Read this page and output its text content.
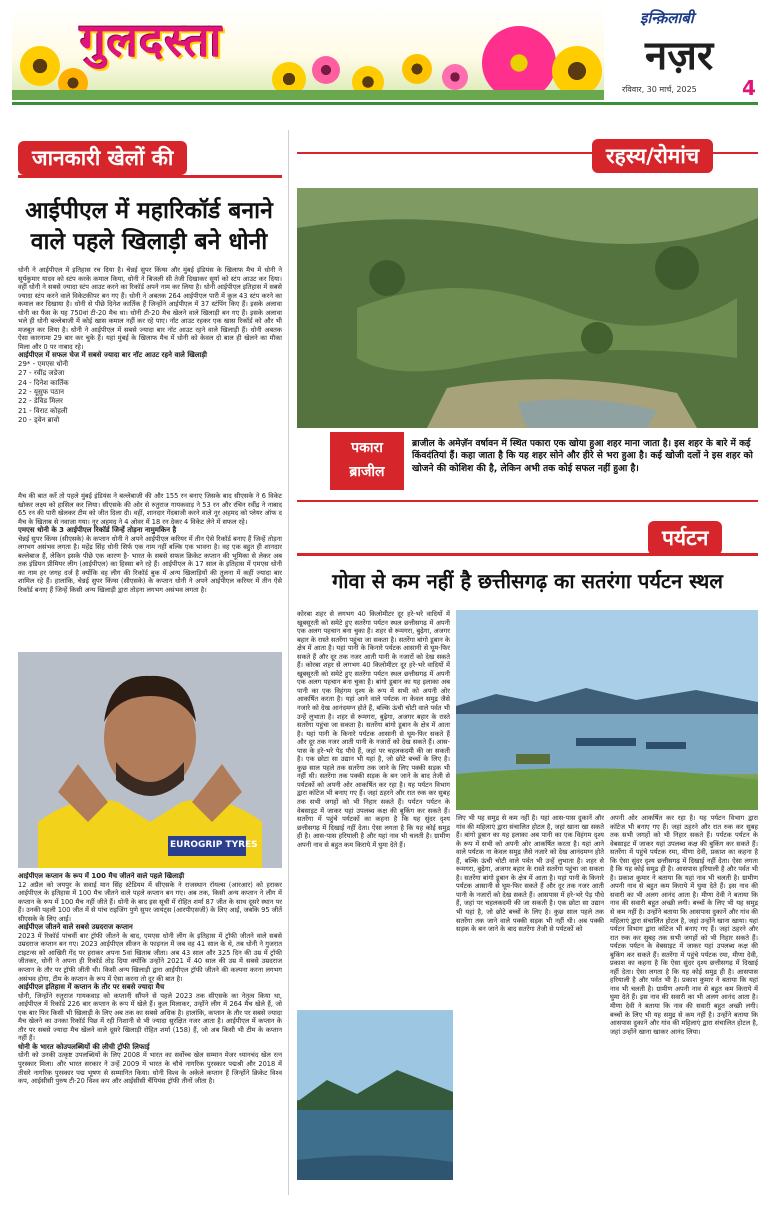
गुलदस्ता	इन्क़िलाबी
नज़र
रविवार, 30 मार्च, 2025 4
जानकारी खेलों की
आईपीएल में महारिकॉर्ड बनाने वाले पहले खिलाड़ी बने धोनी
धोनी ने आईपीएल में इतिहास रच दिया है। चेन्नई सुपर किंग्स और मुंबई इंडियंस के खिलाफ मैच में धोनी ने सूर्यकुमार यादव को स्टंप करके कमाल किया, धोनी ने बिजली सी तेजी दिखाकर सूर्या को स्टंप आउट कर दिया। वहीं धोनी ने सबसे ज्यादा स्टंप आउट करने का रिकॉर्ड अपने नाम कर लिया है। धोनी आईपीएल इतिहास में सबसे ज्यादा स्टंप करने वाले विकेटकीपर बन गए हैं। धोनी ने अबतक 264 आईपीएल पारी में कुल 43 स्टंप करने का कमाल कर दिखाया है। धोनी से पीछे दिनेश कार्तिक हैं जिन्होंने आईपीएल में 37 स्टंपिंग किए हैं। इसके अलावा धोनी का फैंस के यह 750वां टी-20 मैच था। धोनी टी-20 मैच खेलने वाले खिलाड़ी बन गए हैं। इसके अलावा भले ही धोनी बल्लेबाजी में कोई खास कमाल नहीं कर रहे पाए। नॉट आउट रहकर एक खास रिकॉर्ड को और भी मजबूत कर लिया है। धोनी ने आईपीएल में सबसे ज्यादा बार नॉट आउट रहने वाले खिलाड़ी हैं। धोनी अबतक ऐसा कारनामा 29 बार कर चुके हैं। यहां मुंबई के खिलाफ मैच में धोनी को केवल दो बाल ही खेलने का मौका मिला और 0 पर नाबाद रहे।
आईपीएल में सफल चेज में सबसे ज्यादा बार नॉट आउट रहने वाले खिलाड़ी
29* - एमएस धोनी
27 - रवींद्र जडेजा
24 - दिनेश कार्तिक
22 - यूसुफ पठान
22 - डेविड मिलर
21 - विराट कोहली
20 - ड्वेन ब्रावो
मैच की बात करें तो पहले मुंबई इंडियंस ने बल्लेबाजी की और 155 रन बनाए जिसके बाद सीएसके ने 6 विकेट खोकर लक्ष्य को हासिल कर लिया। सीएसके की ओर से रुतुराज गायकवाड़ ने 53 रन और रचिन रवींद्र ने नाबाद 65 रन की पारी खेलकर टीम को जीत दिला दी। वहीं, शानदार गेंदबाजी करने वाले नूर अहमद को प्लेयर ऑफ द मैच के खिताब से नवाजा गया। नूर अहमद ने 4 ओवर में 18 रन देकर 4 विकेट लेने में सफल रहे।
एमएस धोनी के 3 आईपीएल रिकॉर्ड जिन्हें तोड़ना नामुमकिन है
चेन्नई सुपर किंग्स (सीएसके) के कप्तान धोनी ने अपने आईपीएल करियर में तीन ऐसे रिकॉर्ड बनाए हैं जिन्हें तोड़ना लगभग असंभव लगता है। महेंद्र सिंह धोनी सिर्फ एक नाम नहीं बल्कि एक भावना है। वह एक बहुत ही शानदार बल्लेबाज हैं, लेकिन इसके पीछे एक कारण है- भारत के सबसे सफल क्रिकेट कप्तान की भूमिका से लेकर अब तक इंडियन प्रीमियर लीग (आईपीएल) का हिस्सा बने रहे हैं। आईपीएल के 17 साल के इतिहास में एमएस धोनी का नाम हर जगह दर्ज है क्योंकि वह लीग की रिकॉर्ड बुक में अन्य खिलाड़ियों की तुलना में कहीं ज्यादा बार शामिल रहे हैं। हालांकि, चेन्नई सुपर किंग्स (सीएसके) के कप्तान धोनी ने अपने आईपीएल करियर में तीन ऐसे रिकॉर्ड बनाए हैं जिन्हें किसी अन्य खिलाड़ी द्वारा तोड़ना लगभग असंभव लगता है।
EUROGRIP TYRES
आईपीएल कप्तान के रूप में 100 मैच जीतने वाले पहले खिलाड़ी
12 अप्रैल को जयपुर के सवाई मान सिंह स्टेडियम में सीएसके ने राजस्थान रॉयल्स (आरआर) को हराकर आईपीएल के इतिहास में 100 मैच जीतने वाले पहले कप्तान बन गए। अब तक, किसी अन्य कप्तान ने लीग में कप्तान के रूप में 100 मैच नहीं जीते हैं। धोनी के बाद इस सूची में रोहित शर्मा 87 जीत के साथ दूसरे स्थान पर हैं। उनकी पहली 100 जीत में से पांच राइजिंग पुणे सुपर जायंट्स (आरपीएसजी) के लिए आईं, जबकि 95 जीतें सीएसके के लिए आईं।
आईपीएल जीतने वाले सबसे उम्रदराज कप्तान
2023 में रिकॉर्ड पांचवीं बार ट्रॉफी जीतने के बाद, एमएस धोनी लीग के इतिहास में ट्रॉफी जीतने वाले सबसे उम्रदराज कप्तान बन गए। 2023 आईपीएल सीजन के फाइनल में जब वह 41 साल के थे, तब धोनी ने गुजरात टाइटन्स को आखिरी गेंद पर हराकर अपना 5वां खिताब जीता। अब 43 साल और 325 दिन की उम्र में ट्रॉफी जीतकर, धोनी ने अपना ही रिकॉर्ड तोड़ दिया क्योंकि उन्होंने 2021 में 40 साल की उम्र में सबसे उम्रदराज कप्तान के तौर पर ट्रॉफी जीती थी। किसी अन्य खिलाड़ी द्वारा आईपीएल ट्रॉफी जीतने की कल्पना करना लगभग असंभव होगा, टीम के कप्तान के रूप में ऐसा करना तो दूर की बात है।
आईपीएल इतिहास में कप्तान के तौर पर सबसे ज्यादा मैच
धोनी, जिन्होंने रुतुराज गायकवाड़ को कप्तानी सौंपने से पहले 2023 तक सीएसके का नेतृत्व किया था, आईपीएल में रिकॉर्ड 226 बार कप्तान के रूप में खेले हैं। कुल मिलाकर, उन्होंने लीग में 264 मैच खेले हैं, जो एक बार फिर किसी भी खिलाड़ी के लिए अब तक का सबसे अधिक है। हालांकि, कप्तान के तौर पर सबसे ज्यादा मैच खेलने का उनका रिकॉर्ड पिछ में रही निशानी से भी ज्यादा सुरक्षित नजर आता है। आईपीएल में कप्तान के तौर पर सबसे ज्यादा मैच खेलने वाले दूसरे खिलाड़ी रोहित शर्मा (158) हैं, जो अब किसी भी टीम के कप्तान नहीं हैं।
धोनी के भारत कोउपलब्धियों की लीची ट्रॉफी लिफाई
धोनी को उनकी उत्कृष्ट उपलब्धियों के लिए 2008 में भारत का सर्वोच्च खेल सम्मान मेजर ध्यानचंद खेल रत्न पुरस्कार मिला। और भारत सरकार ने उन्हें 2009 में भारत के चौथे नागरिक पुरस्कार पद्मश्री और 2018 में तीसरे नागरिक पुरस्कार पद्म भूषण से सम्मानित किया। धोनी विश्व के अकेले कप्तान हैं जिन्होंने क्रिकेट विश्व कप, आईसीसी पुरुष टी-20 विश्व कप और आईसीसी चैंपियंस ट्रॉफी तीनों जीता है।
रहस्य/रोमांच
पकारा
ब्राजील
ब्राजील के अमेज़ॅन वर्षावन में स्थित पकारा एक खोया हुआ शहर माना जाता है। इस शहर के बारे में कई किंवदंतियां हैं। कहा जाता है कि यह शहर सोने और हीरे से भरा हुआ है। कई खोजी दलों ने इस शहर को खोजने की कोशिश की है, लेकिन अभी तक कोई सफल नहीं हुआ है।
पर्यटन
गोवा से कम नहीं है छत्तीसगढ़ का सतरंगा पर्यटन स्थल
कोरबा शहर से लगभग 40 किलोमीटर दूर हरे-भरे वादियों में खूबसूरती को समेटे हुए सतरेंगा पर्यटन स्थल छत्तीसगढ़ में अपनी एक अलग पहचान बना चुका है। शहर से रूमगरा, बुढ़ेगा, अजगर बहार के रास्ते सतरेंगा पहुंचा जा सकता है। सतरेंगा बांगो डूबान के क्षेत्र में आता है। यहां पानी के किनारे पर्यटक आसानी से घूम-फिर सकते हैं और दूर तक नजर आती पानी के नजारों को देख सकते हैं। कोरबा शहर से लगभग 40 किलोमीटर दूर हरे-भरे वादियों में खूबसूरती को समेटे हुए सतरेंगा पर्यटन स्थल छत्तीसगढ़ में अपनी एक अलग पहचान बना चुका है। बांगो डूबान का यह इलाका अब पानी का एक विहंगम दृश्य के रूप में सभी को अपनी ओर आकर्षित करता है। यहां आने वाले पर्यटक ना केवल समुद्र जैसे नजारे को देख आनंदमग्न होते हैं, बल्कि ऊंची चोटी वाले पर्वत भी उन्हें लुभाता है। शहर से रूमगरा, बुढ़ेगा, अजगर बहार के रास्ते सतरेंगा पहुंचा जा सकता है। सतरेंगा बांगो डूबान के क्षेत्र में आता है। यहां पानी के किनारे पर्यटक आसानी से घूम-फिर सकते हैं और दूर तक नजर आती पानी के नजारों को देख सकते हैं। आस-पास के हरे-भरे पेड़ पौधे हैं, जहां पर चहलकदमी की जा सकती है। एक छोटा सा उद्यान भी यहां है, जो छोटे बच्चों के लिए है। कुछ साल पहले तक सतरेंगा तक जाने के लिए पक्की सड़क भी नहीं थी। सतरेंगा तक पक्की सड़क के बन जाने के बाद तेजी से पर्यटकों को अपनी ओर आकर्षित कर रहा है। यह पर्यटन विभाग द्वारा कॉटेज भी बनाए गए हैं। जहां ठहरने और रात रुक कर सुबह तक सभी जगहों को भी निहार सकते हैं। पर्यटन पर्यटन के वेबसाइट में जाकर यहां उपलब्ध कक्ष की बुकिंग कर सकते हैं। सतरेंगा में पहुंचे पर्यटकों का कहना है कि यह सुंदर दृश्य छत्तीसगढ़ में दिखाई नहीं देता। ऐसा लगता है कि यह कोई समुद्र ही है। आस-पास हरियाली है और यहां नाव भी चलती है। ग्रामीण अपनी नाव से बहुत कम किराये में घुमा देते हैं।
लिए भी यह समुद्र से कम नहीं है। यहां आस-पास दुकानें और गांव की महिलाएं द्वारा संचालित होटल है, जहां खाना खा सकते हैं। बांगो डूबान का यह इलाका अब पानी का एक विहंगम दृश्य के रूप में सभी को अपनी ओर आकर्षित करता है। यहां आने वाले पर्यटक ना केवल समुद्र जैसे नजारे को देख आनंदमग्न होते हैं, बल्कि ऊंची चोटी वाले पर्वत भी उन्हें लुभाता है। शहर से रूमगरा, बुढ़ेगा, अजगर बहार के रास्ते सतरेंगा पहुंचा जा सकता है। सतरेंगा बांगो डूबान के क्षेत्र में आता है। यहां पानी के किनारे पर्यटक आसानी से घूम-फिर सकते हैं और दूर तक नजर आती पानी के नजारों को देख सकते हैं। आसपास में हरे-भरे पेड़ पौधे हैं, जहां पर चहलकदमी की जा सकती है। एक छोटा सा उद्यान भी यहां है, जो छोटे बच्चों के लिए है। कुछ साल पहले तक सतरेंगा तक जाने वाले पक्की सड़क भी नहीं थी। अब पक्की सड़क के बन जाने के बाद सतरेंगा तेजी से पर्यटकों को
अपनी ओर आकर्षित कर रहा है। यह पर्यटन विभाग द्वारा कॉटेज भी बनाए गए हैं। जहां ठहरने और रात रुक कर सुबह तक सभी जगहों को भी निहार सकते हैं। पर्यटक पर्यटन के वेबसाइट में जाकर यहां उपलब्ध कक्ष की बुकिंग कर सकते हैं। सतरेंगा में पहुंचे पर्यटक रमा, मीणा देवी, प्रकाश का कहना है कि ऐसा सुंदर दृश्य छत्तीसगढ़ में दिखाई नहीं देता। ऐसा लगता है कि यह कोई समुद्र ही है। आसपास हरियाली है और पर्वत भी है। प्रकाश कुमार ने बताया कि यहां नाव भी चलती है। ग्रामीण अपनी नाव से बहुत कम किराये में घुमा देते हैं। इस नाव की सवारी का भी अलग आनंद आता है। मीणा देवी ने बताया कि नाव की सवारी बहुत अच्छी लगी। बच्चों के लिए भी यह समुद्र से कम नहीं है। उन्होंने बताया कि आसपास दुकानें और गांव की महिलाएं द्वारा संचालित होटल है, जहां उन्होंने खाना खाया। यहां पर्यटन विभाग द्वारा कॉटेज भी बनाए गए हैं। जहां ठहरने और रात रुक कर सुबह तक सभी जगहों को भी निहार सकते हैं। पर्यटक पर्यटन के वेबसाइट में जाकर यहां उपलब्ध कक्ष की बुकिंग कर सकते हैं। सतरेंगा में पहुंचे पर्यटक रमा, मीणा देवी, प्रकाश का कहना है कि ऐसा सुंदर दृश्य छत्तीसगढ़ में दिखाई नहीं देता। ऐसा लगता है कि यह कोई समुद्र ही है। आसपास हरियाली है और पर्वत भी है। प्रकाश कुमार ने बताया कि यहां नाव भी चलती है। ग्रामीण अपनी नाव से बहुत कम किराये में घुमा देते हैं। इस नाव की सवारी का भी अलग आनंद आता है। मीणा देवी ने बताया कि नाव की सवारी बहुत अच्छी लगी। बच्चों के लिए भी यह समुद्र से कम नहीं है। उन्होंने बताया कि आसपास दुकानें और गांव की महिलाएं द्वारा संचालित होटल है, जहां उन्होंने खाना खाकर आनंद लिया।
